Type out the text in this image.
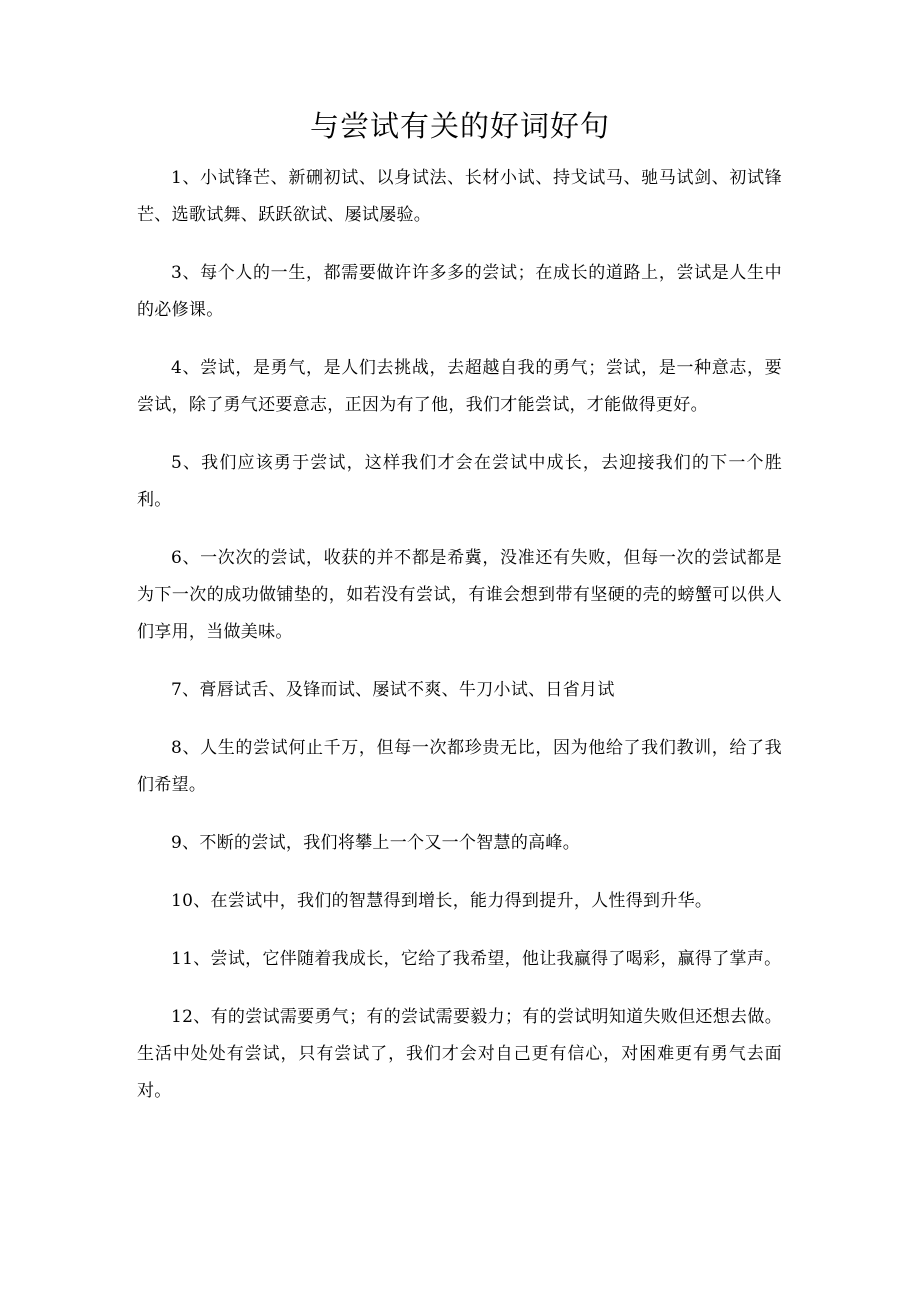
与尝试有关的好词好句

1、小试锋芒、新硎初试、以身试法、长材小试、持戈试马、驰马试剑、初试锋芒、选歌试舞、跃跃欲试、屡试屡验。

3、每个人的一生，都需要做许许多多的尝试；在成长的道路上，尝试是人生中的必修课。

4、尝试，是勇气，是人们去挑战，去超越自我的勇气；尝试，是一种意志，要尝试，除了勇气还要意志，正因为有了他，我们才能尝试，才能做得更好。

5、我们应该勇于尝试，这样我们才会在尝试中成长，去迎接我们的下一个胜利。

6、一次次的尝试，收获的并不都是希冀，没准还有失败，但每一次的尝试都是为下一次的成功做铺垫的，如若没有尝试，有谁会想到带有坚硬的壳的螃蟹可以供人们享用，当做美味。

7、膏唇试舌、及锋而试、屡试不爽、牛刀小试、日省月试

8、人生的尝试何止千万，但每一次都珍贵无比，因为他给了我们教训，给了我们希望。

9、不断的尝试，我们将攀上一个又一个智慧的高峰。

10、在尝试中，我们的智慧得到增长，能力得到提升，人性得到升华。

11、尝试，它伴随着我成长，它给了我希望，他让我赢得了喝彩，赢得了掌声。

12、有的尝试需要勇气；有的尝试需要毅力；有的尝试明知道失败但还想去做。生活中处处有尝试，只有尝试了，我们才会对自己更有信心，对困难更有勇气去面对。
